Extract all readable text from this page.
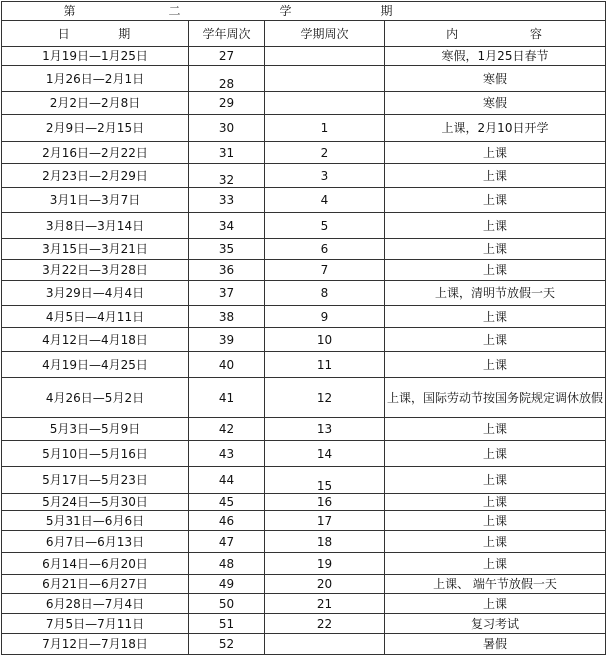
第 二 学 期			
日        期	学年周次	学期周次	内            容
1月19日—1月25日	27		寒假，1月25日春节
1月26日—2月1日	28		寒假
2月2日—2月8日	29		寒假
2月9日—2月15日	30	1	上课，2月10日开学
2月16日—2月22日	31	2	上课
2月23日—2月29日	32	3	上课
3月1日—3月7日	33	4	上课
3月8日—3月14日	34	5	上课
3月15日—3月21日	35	6	上课
3月22日—3月28日	36	7	上课
3月29日—4月4日	37	8	上课，清明节放假一天
4月5日—4月11日	38	9	上课
4月12日—4月18日	39	10	上课
4月19日—4月25日	40	11	上课
4月26日—5月2日	41	12	上课，国际劳动节按国务院规定调休放假
5月3日—5月9日	42	13	上课
5月10日—5月16日	43	14	上课
5月17日—5月23日	44	15	上课
5月24日—5月30日	45	16	上课
5月31日—6月6日	46	17	上课
6月7日—6月13日	47	18	上课
6月14日—6月20日	48	19	上课
6月21日—6月27日	49	20	上课、 端午节放假一天
6月28日—7月4日	50	21	上课
7月5日—7月11日	51	22	复习考试
7月12日—7月18日	52		暑假
